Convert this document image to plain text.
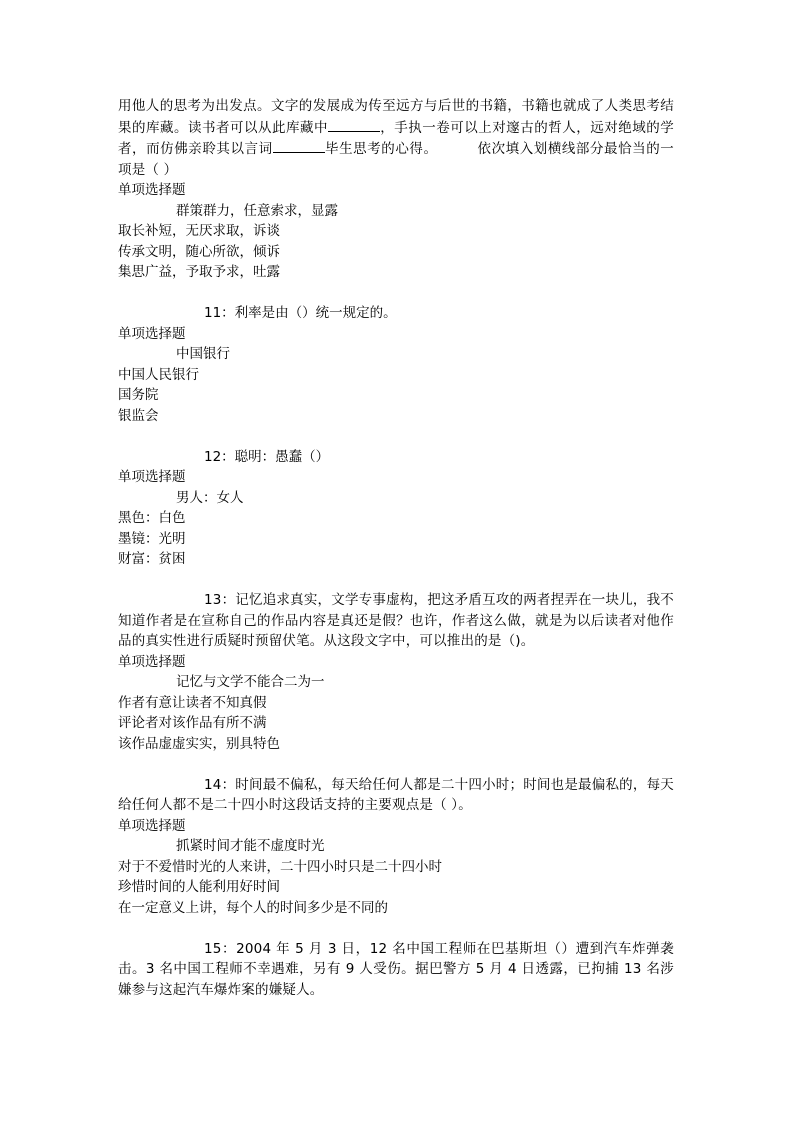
用他人的思考为出发点。文字的发展成为传至远方与后世的书籍，书籍也就成了人类思考结果的库藏。读书者可以从此库藏中	，手执一卷可以上对邃古的哲人，远对绝域的学者，而仿佛亲聆其以言词	毕生思考的心得。	依次填入划横线部分最恰当的一项是（ ）
单项选择题
群策群力，任意索求，显露
取长补短，无厌求取，诉谈
传承文明，随心所欲，倾诉
集思广益，予取予求，吐露
11：利率是由（）统一规定的。
单项选择题
中国银行
中国人民银行
国务院
银监会
12：聪明：愚蠢（）
单项选择题
男人：女人
黑色：白色
墨镜：光明
财富：贫困
13：记忆追求真实，文学专事虚构，把这矛盾互攻的两者捏弄在一块儿，我不知道作者是在宣称自己的作品内容是真还是假？也许，作者这么做，就是为以后读者对他作品的真实性进行质疑时预留伏笔。从这段文字中，可以推出的是（)。
单项选择题
记忆与文学不能合二为一
作者有意让读者不知真假
评论者对该作品有所不满
该作品虚虚实实，别具特色
14：时间最不偏私，每天给任何人都是二十四小时；时间也是最偏私的，每天给任何人都不是二十四小时这段话支持的主要观点是（ ）。
单项选择题
抓紧时间才能不虚度时光
对于不爱惜时光的人来讲，二十四小时只是二十四小时
珍惜时间的人能利用好时间
在一定意义上讲，每个人的时间多少是不同的
15：2004 年 5 月 3 日，12 名中国工程师在巴基斯坦（）遭到汽车炸弹袭击。3 名中国工程师不幸遇难，另有 9 人受伤。据巴警方 5 月 4 日透露，已拘捕 13 名涉嫌参与这起汽车爆炸案的嫌疑人。
